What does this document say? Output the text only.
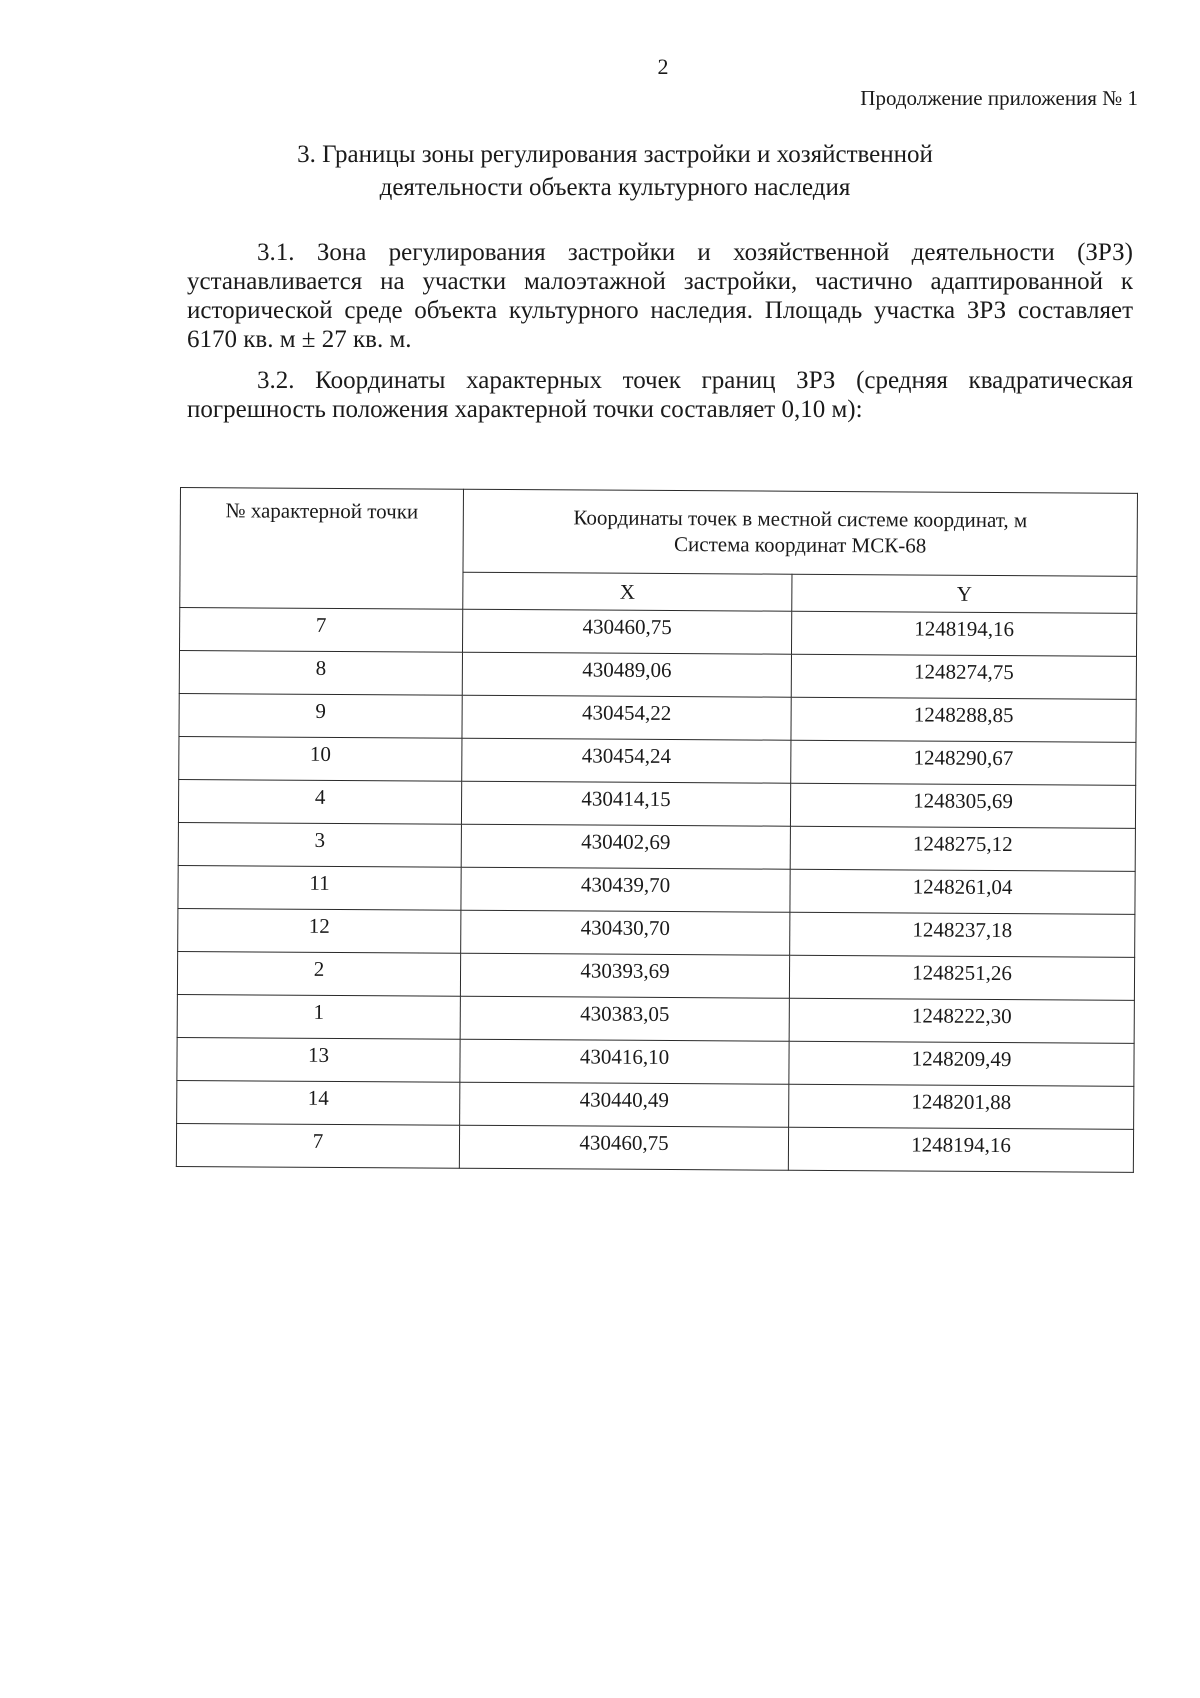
2
Продолжение приложения № 1
3. Границы зоны регулирования застройки и хозяйственной
деятельности объекта культурного наследия

3.1. Зона регулирования застройки и хозяйственной деятельности (ЗРЗ) устанавливается на участки малоэтажной застройки, частично адаптированной к исторической среде объекта культурного наследия. Площадь участка ЗРЗ составляет 6170 кв. м ± 27 кв. м.

3.2. Координаты характерных точек границ ЗРЗ (средняя квадратическая погрешность положения характерной точки составляет 0,10 м):

№ характерной точки	Координаты точек в местной системе координат, м
Система координат МСК-68	

	X	Y
7	430460,75	1248194,16
8	430489,06	1248274,75
9	430454,22	1248288,85
10	430454,24	1248290,67
4	430414,15	1248305,69
3	430402,69	1248275,12
11	430439,70	1248261,04
12	430430,70	1248237,18
2	430393,69	1248251,26
1	430383,05	1248222,30
13	430416,10	1248209,49
14	430440,49	1248201,88
7	430460,75	1248194,16
